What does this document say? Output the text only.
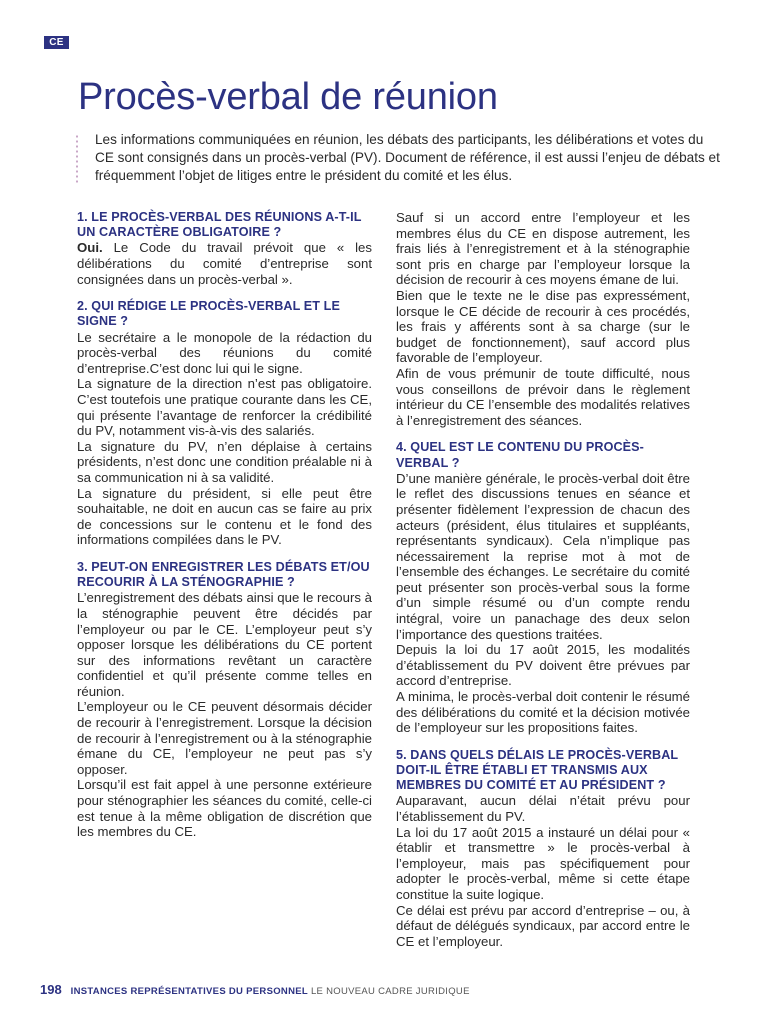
CE
Procès-verbal de réunion

Les informations communiquées en réunion, les débats des participants, les délibérations et votes du CE sont consignés dans un procès-verbal (PV). Document de référence, il est aussi l’enjeu de débats et fréquemment l’objet de litiges entre le président du comité et les élus.

1. LE PROCÈS-VERBAL DES RÉUNIONS A-T-IL UN CARACTÈRE OBLIGATOIRE ?

Oui. Le Code du travail prévoit que « les délibérations du comité d’entreprise sont consignées dans un procès-verbal ».

2. QUI RÉDIGE LE PROCÈS-VERBAL ET LE SIGNE ?

Le secrétaire a le monopole de la rédaction du procès-verbal des réunions du comité d’entreprise.C’est donc lui qui le signe.

La signature de la direction n’est pas obligatoire. C’est toutefois une pratique courante dans les CE, qui présente l’avantage de renforcer la crédibilité du PV, notamment vis-à-vis des salariés.

La signature du PV, n’en déplaise à certains présidents, n’est donc une condition préalable ni à sa communication ni à sa validité.

La signature du président, si elle peut être souhaitable, ne doit en aucun cas se faire au prix de concessions sur le contenu et le fond des informations compilées dans le PV.

3. PEUT-ON ENREGISTRER LES DÉBATS ET/OU RECOURIR À LA STÉNOGRAPHIE ?

L’enregistrement des débats ainsi que le recours à la sténographie peuvent être décidés par l’employeur ou par le CE. L’employeur peut s’y opposer lorsque les délibérations du CE portent sur des informations revêtant un caractère confidentiel et qu’il présente comme telles en réunion.

L’employeur ou le CE peuvent désormais décider de recourir à l’enregistrement. Lorsque la décision de recourir à l’enregistrement ou à la sténographie émane du CE, l’employeur ne peut pas s’y opposer.

Lorsqu’il est fait appel à une personne extérieure pour sténographier les séances du comité, celle-ci est tenue à la même obligation de discrétion que les membres du CE.

Sauf si un accord entre l’employeur et les membres élus du CE en dispose autrement, les frais liés à l’enregistrement et à la sténographie sont pris en charge par l’employeur lorsque la décision de recourir à ces moyens émane de lui.

Bien que le texte ne le dise pas expressément, lorsque le CE décide de recourir à ces procédés, les frais y afférents sont à sa charge (sur le budget de fonctionnement), sauf accord plus favorable de l’employeur.

Afin de vous prémunir de toute difficulté, nous vous conseillons de prévoir dans le règlement intérieur du CE l’ensemble des modalités relatives à l’enregistrement des séances.

4. QUEL EST LE CONTENU DU PROCÈS-VERBAL ?

D’une manière générale, le procès-verbal doit être le reflet des discussions tenues en séance et présenter fidèlement l’expression de chacun des acteurs (président, élus titulaires et suppléants, représentants syndicaux). Cela n’implique pas nécessairement la reprise mot à mot de l’ensemble des échanges. Le secrétaire du comité peut présenter son procès-verbal sous la forme d’un simple résumé ou d’un compte rendu intégral, voire un panachage des deux selon l’importance des questions traitées.

Depuis la loi du 17 août 2015, les modalités d’établissement du PV doivent être prévues par accord d’entreprise.

A minima, le procès-verbal doit contenir le résumé des délibérations du comité et la décision motivée de l’employeur sur les propositions faites.

5. DANS QUELS DÉLAIS LE PROCÈS-VERBAL DOIT-IL ÊTRE ÉTABLI ET TRANSMIS AUX MEMBRES DU COMITÉ ET AU PRÉSIDENT ?

Auparavant, aucun délai n’était prévu pour l’établissement du PV.

La loi du 17 août 2015 a instauré un délai pour « établir et transmettre » le procès-verbal à l’employeur, mais pas spécifiquement pour adopter le procès-verbal, même si cette étape constitue la suite logique.

Ce délai est prévu par accord d’entreprise – ou, à défaut de délégués syndicaux, par accord entre le CE et l’employeur.

198 INSTANCES REPRÉSENTATIVES DU PERSONNEL LE NOUVEAU CADRE JURIDIQUE
